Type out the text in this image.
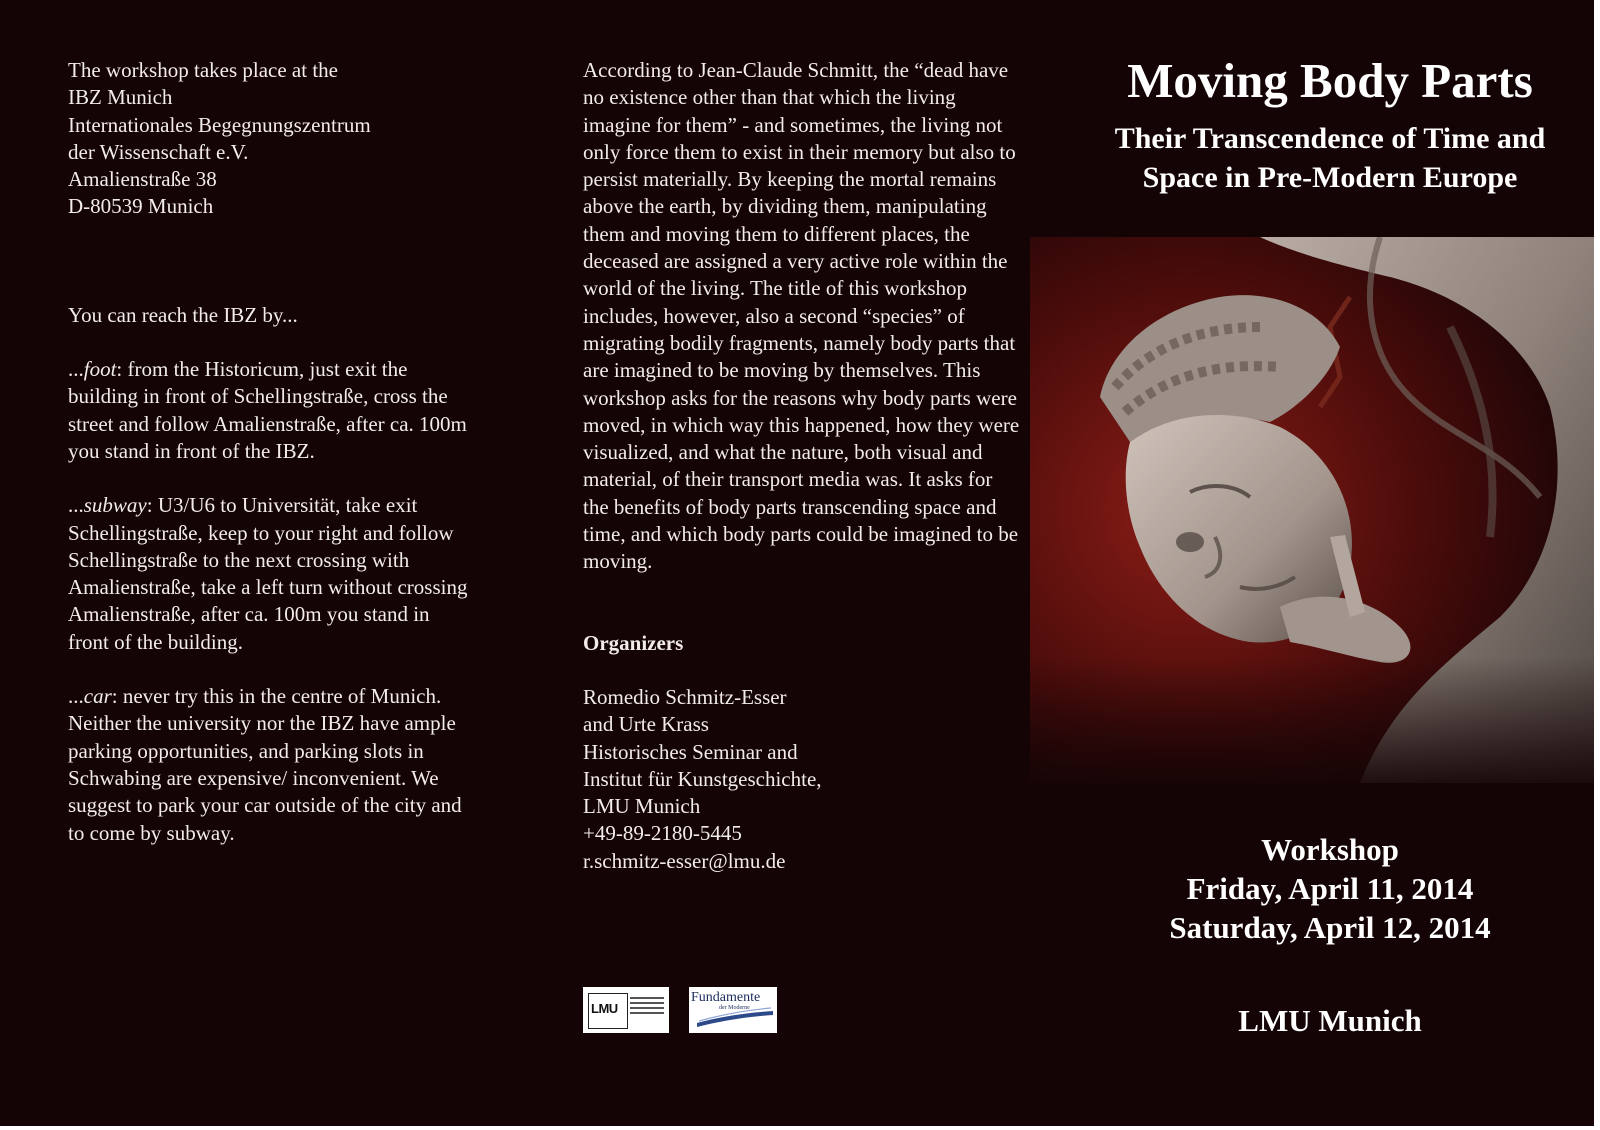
The workshop takes place at the
IBZ Munich
Internationales Begegnungszentrum
der Wissenschaft e.V.
Amalienstraße 38
D-80539 Munich
You can reach the IBZ by...

...foot: from the Historicum, just exit the building in front of Schellingstraße, cross the street and follow Amalienstraße, after ca. 100m you stand in front of the IBZ.

...subway: U3/U6 to Universität, take exit Schellingstraße, keep to your right and follow Schellingstraße to the next crossing with Amalienstraße, take a left turn without crossing Amalienstraße, after ca. 100m you stand in front of the building.

...car: never try this in the centre of Munich. Neither the university nor the IBZ have ample parking opportunities, and parking slots in Schwabing are expensive/ inconvenient. We suggest to park your car outside of the city and to come by subway.

According to Jean-Claude Schmitt, the “dead have no existence other than that which the living imagine for them” - and sometimes, the living not only force them to exist in their memory but also to persist materially. By keeping the mortal remains above the earth, by dividing them, manipulating them and moving them to different places, the deceased are assigned a very active role within the world of the living. The title of this workshop includes, however, also a second “species” of migrating bodily fragments, namely body parts that are imagined to be moving by themselves. This workshop asks for the reasons why body parts were moved, in which way this happened, how they were visualized, and what the nature, both visual and material, of their transport media was. It asks for the benefits of body parts transcending space and time, and which body parts could be imagined to be moving.

Organizers

Romedio Schmitz-Esser
and Urte Krass
Historisches Seminar and
Institut für Kunstgeschichte,
LMU Munich
+49-89-2180-5445
r.schmitz-esser@lmu.de
LMU
Fundamente
der Moderne
Moving Body Parts
Their Transcendence of Time and
Space in Pre-Modern Europe
Workshop
Friday, April 11, 2014
Saturday, April 12, 2014
LMU Munich
